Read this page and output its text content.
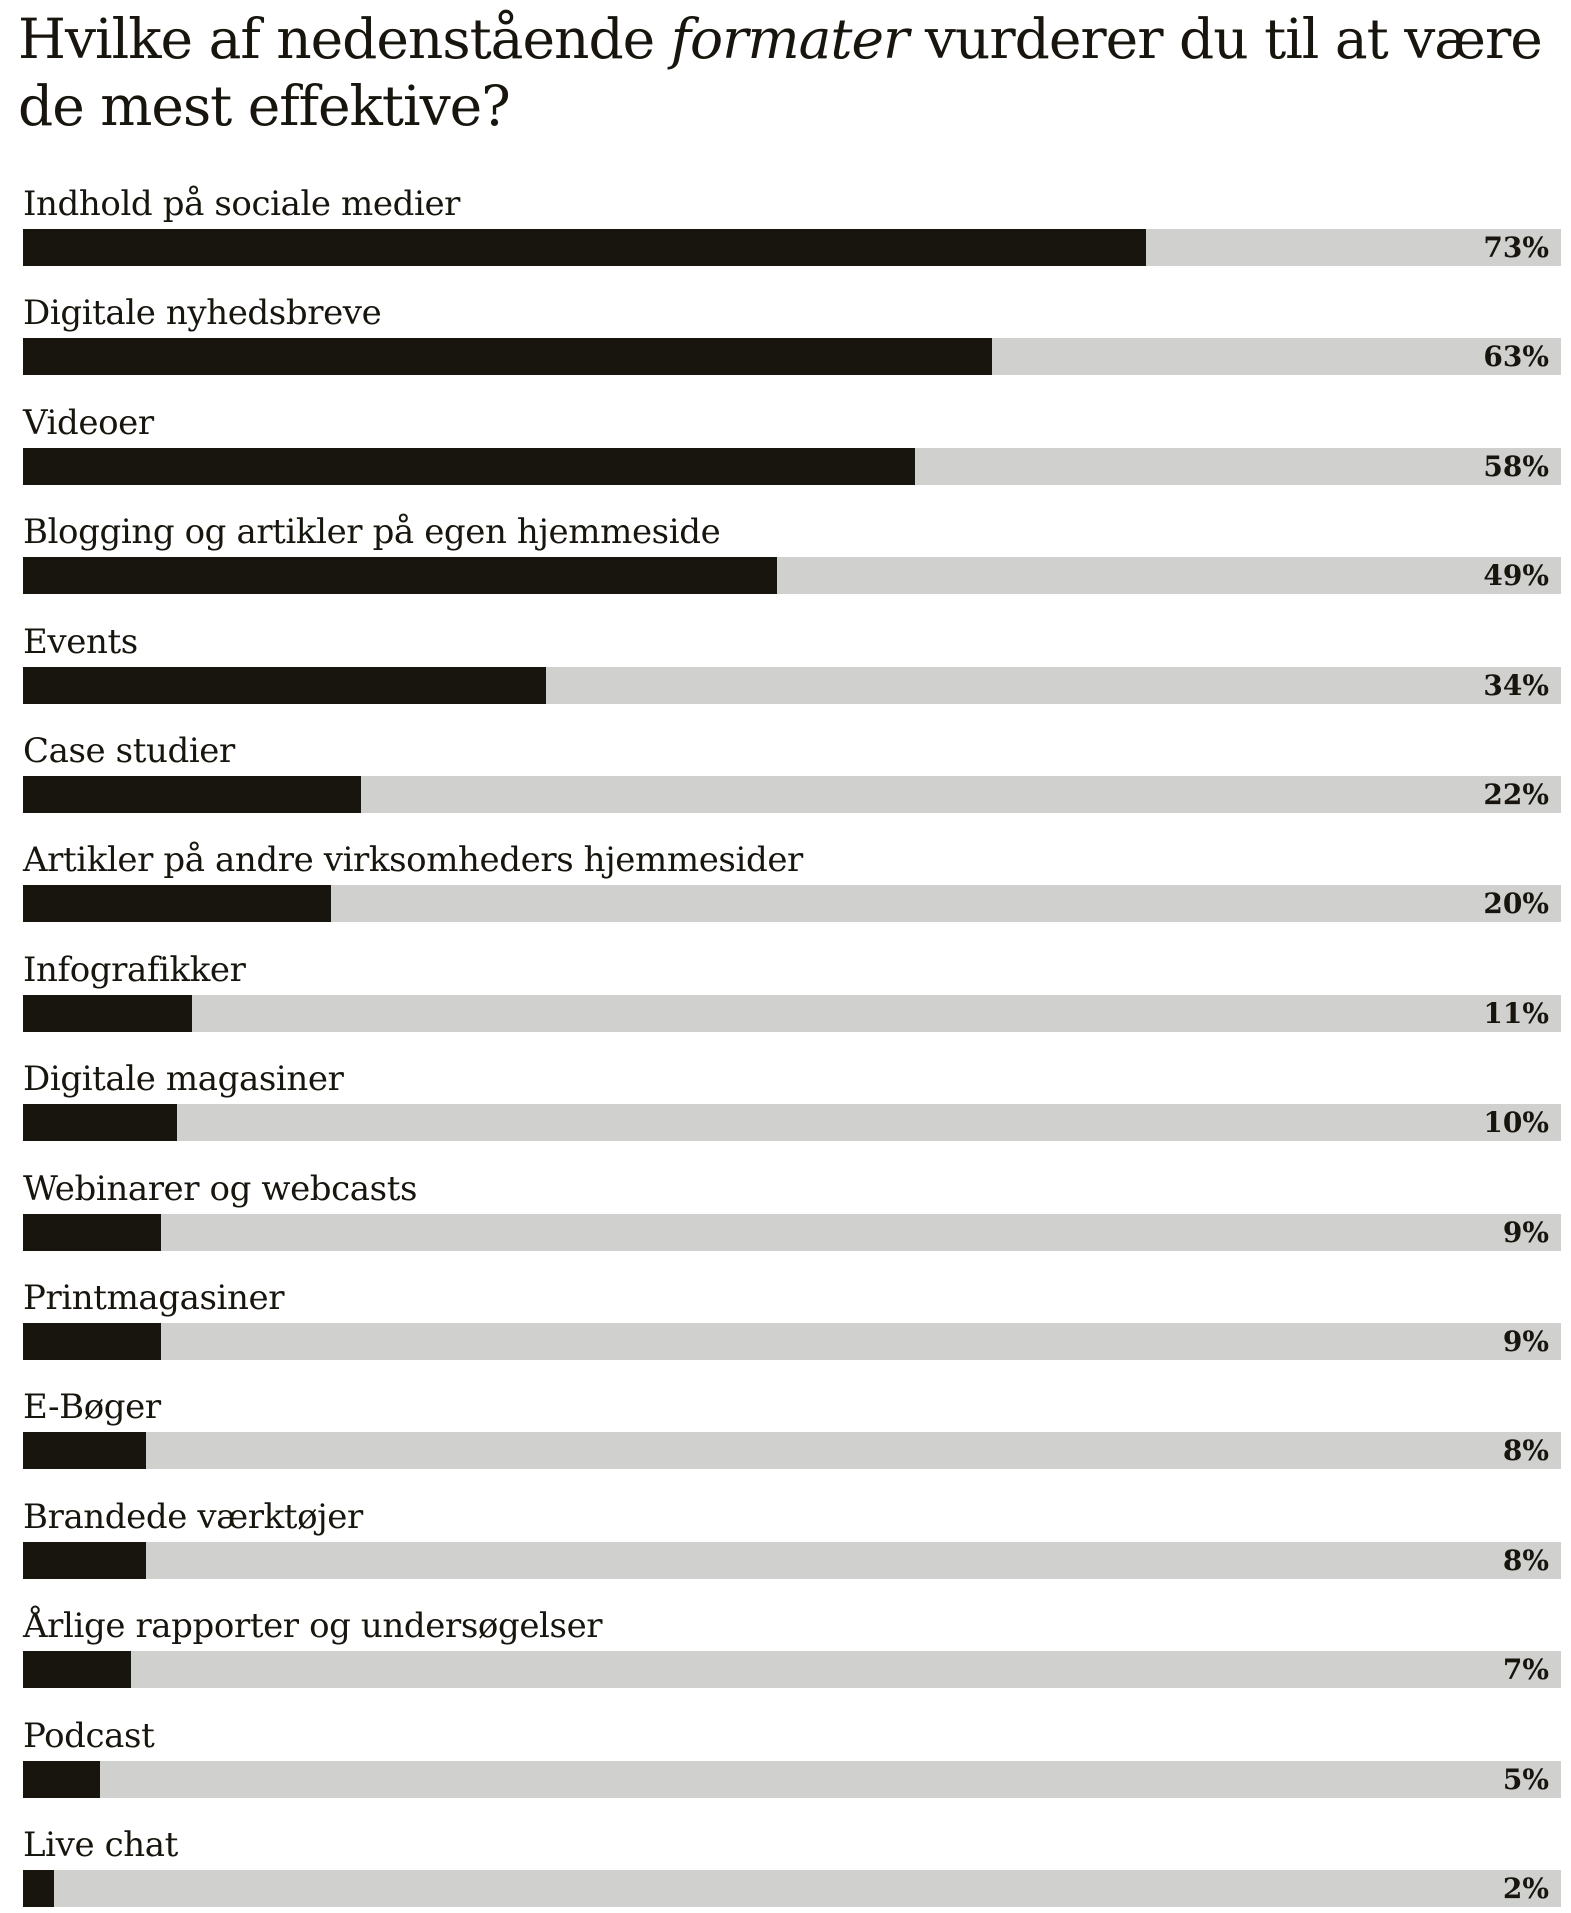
Hvilke af nedenstående formater vurderer du til at være de mest effektive?
Indhold på sociale medier
73%
Digitale nyhedsbreve
63%
Videoer
58%
Blogging og artikler på egen hjemmeside
49%
Events
34%
Case studier
22%
Artikler på andre virksomheders hjemmesider
20%
Infografikker
11%
Digitale magasiner
10%
Webinarer og webcasts
9%
Printmagasiner
9%
E-Bøger
8%
Brandede værktøjer
8%
Årlige rapporter og undersøgelser
7%
Podcast
5%
Live chat
2%
